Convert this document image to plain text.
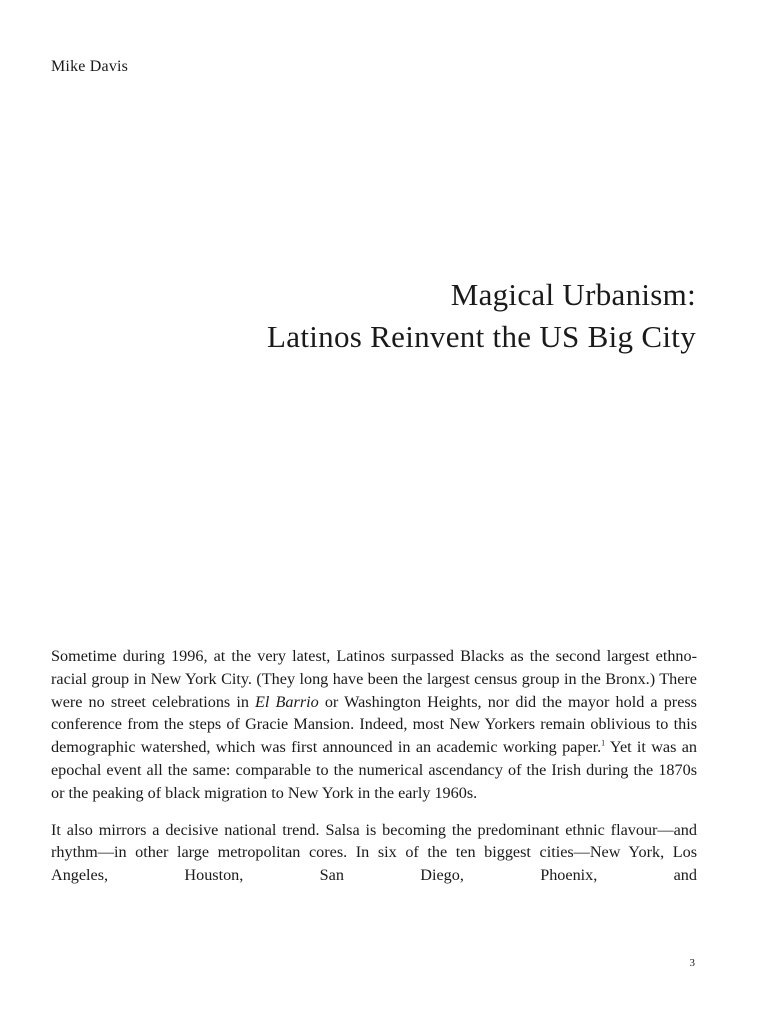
Mike Davis
Magical Urbanism:
Latinos Reinvent the US Big City

Sometime during 1996, at the very latest, Latinos surpassed Blacks as the second largest ethno-racial group in New York City. (They long have been the largest census group in the Bronx.) There were no street celebrations in El Barrio or Washington Heights, nor did the mayor hold a press conference from the steps of Gracie Mansion. Indeed, most New Yorkers remain oblivious to this demographic watershed, which was first announced in an academic working paper.$^1$ Yet it was an epochal event all the same: comparable to the numerical ascendancy of the Irish during the 1870s or the peaking of black migration to New York in the early 1960s.

It also mirrors a decisive national trend. Salsa is becoming the predominant ethnic flavour—and rhythm—in other large metropolitan cores. In six of the ten biggest cities—New York, Los Angeles, Houston, San Diego, Phoenix, and

3
